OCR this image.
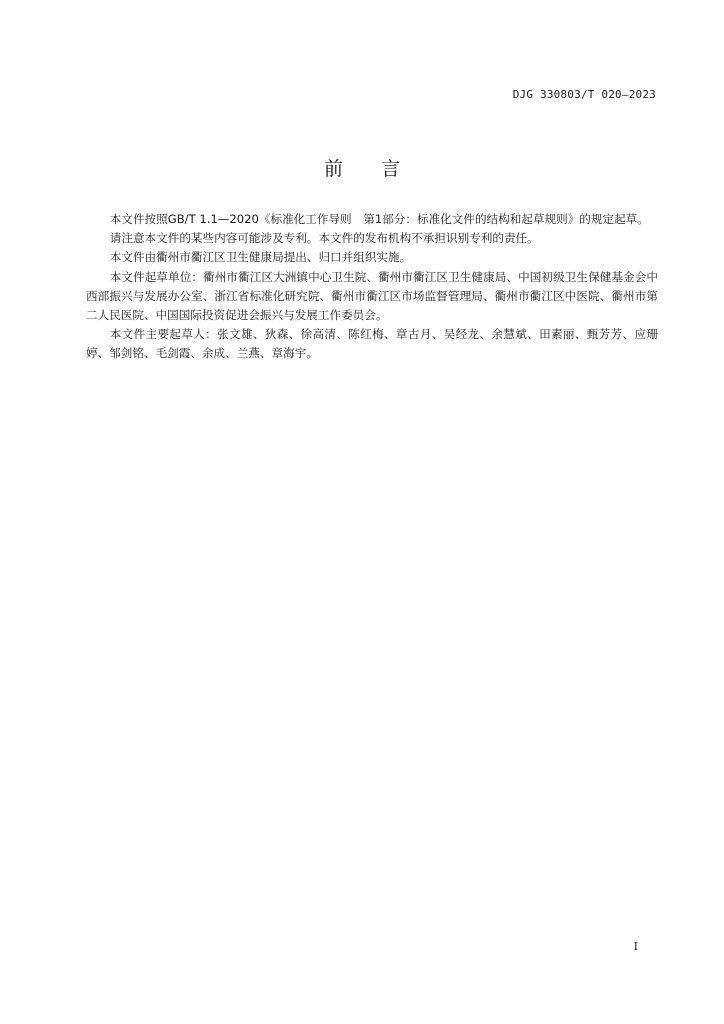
DJG 330803/T 020—2023
前言

本文件按照GB/T 1.1—2020《标准化工作导则　第1部分：标准化文件的结构和起草规则》的规定起草。

请注意本文件的某些内容可能涉及专利。本文件的发布机构不承担识别专利的责任。

本文件由衢州市衢江区卫生健康局提出、归口并组织实施。

本文件起草单位：衢州市衢江区大洲镇中心卫生院、衢州市衢江区卫生健康局、中国初级卫生保健基金会中西部振兴与发展办公室、浙江省标准化研究院、衢州市衢江区市场监督管理局、衢州市衢江区中医院、衢州市第二人民医院、中国国际投资促进会振兴与发展工作委员会。

本文件主要起草人：张文雄、狄森、徐高清、陈红梅、章古月、吴经龙、余慧斌、田素丽、甄芳芳、应珊婷、邹剑铭、毛剑霞、余成、兰燕、章海宇。

I
